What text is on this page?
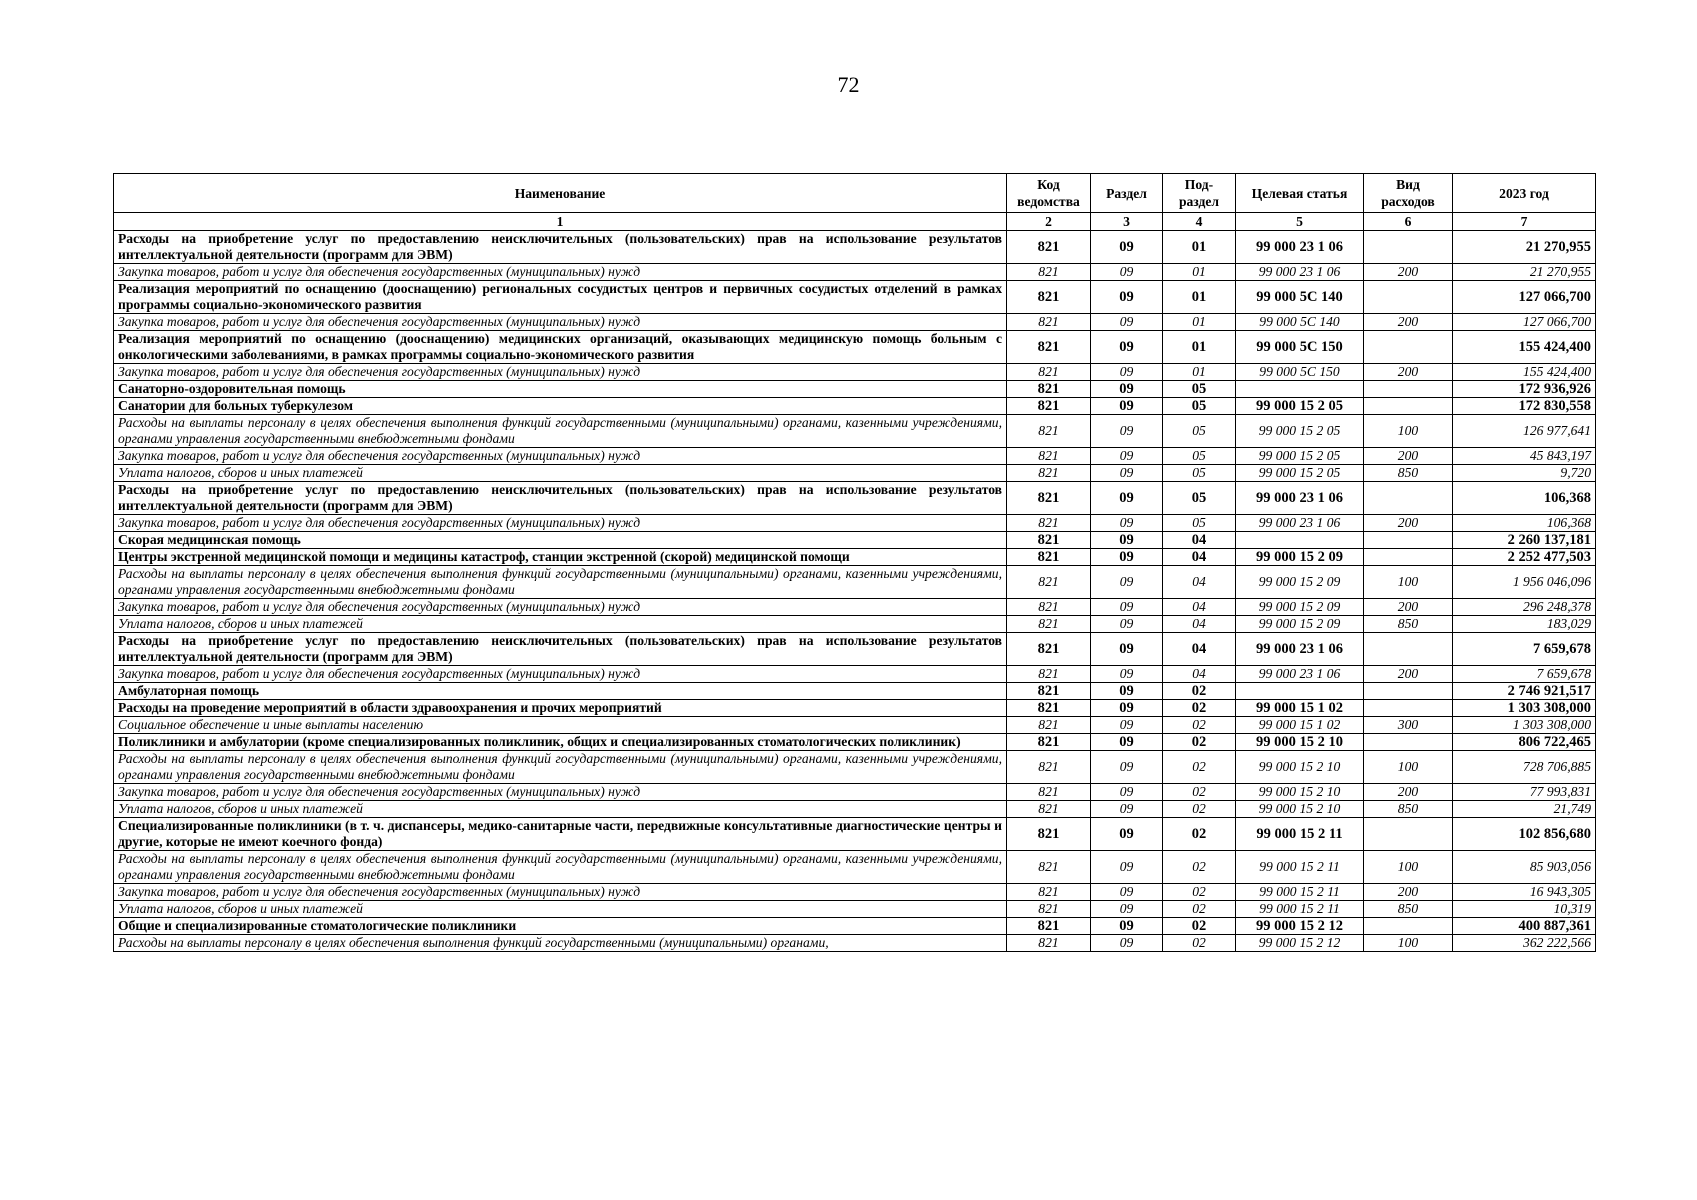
72
Наименование	Код ведомства	Раздел	Под-раздел	Целевая статья	Вид расходов	2023 год
1	2	3	4	5	6	7
Расходы на приобретение услуг по предоставлению неисключительных (пользовательских) прав на использование результатов интеллектуальной деятельности (программ для ЭВМ)	821	09	01	99 000 23 1 06		21 270,955
Закупка товаров, работ и услуг для обеспечения государственных (муниципальных) нужд	821	09	01	99 000 23 1 06	200	21 270,955
Реализация мероприятий по оснащению (дооснащению) региональных сосудистых центров и первичных сосудистых отделений в рамках программы социально-экономического развития	821	09	01	99 000 5С 140		127 066,700
Закупка товаров, работ и услуг для обеспечения государственных (муниципальных) нужд	821	09	01	99 000 5С 140	200	127 066,700
Реализация мероприятий по оснащению (дооснащению) медицинских организаций, оказывающих медицинскую помощь больным с онкологическими заболеваниями, в рамках программы социально-экономического развития	821	09	01	99 000 5С 150		155 424,400
Закупка товаров, работ и услуг для обеспечения государственных (муниципальных) нужд	821	09	01	99 000 5С 150	200	155 424,400
Санаторно-оздоровительная помощь	821	09	05			172 936,926
Санатории для больных туберкулезом	821	09	05	99 000 15 2 05		172 830,558
Расходы на выплаты персоналу в целях обеспечения выполнения функций государственными (муниципальными) органами, казенными учреждениями, органами управления государственными внебюджетными фондами	821	09	05	99 000 15 2 05	100	126 977,641
Закупка товаров, работ и услуг для обеспечения государственных (муниципальных) нужд	821	09	05	99 000 15 2 05	200	45 843,197
Уплата налогов, сборов и иных платежей	821	09	05	99 000 15 2 05	850	9,720
Расходы на приобретение услуг по предоставлению неисключительных (пользовательских) прав на использование результатов интеллектуальной деятельности (программ для ЭВМ)	821	09	05	99 000 23 1 06		106,368
Закупка товаров, работ и услуг для обеспечения государственных (муниципальных) нужд	821	09	05	99 000 23 1 06	200	106,368
Скорая медицинская помощь	821	09	04			2 260 137,181
Центры экстренной медицинской помощи и медицины катастроф, станции экстренной (скорой) медицинской помощи	821	09	04	99 000 15 2 09		2 252 477,503
Расходы на выплаты персоналу в целях обеспечения выполнения функций государственными (муниципальными) органами, казенными учреждениями, органами управления государственными внебюджетными фондами	821	09	04	99 000 15 2 09	100	1 956 046,096
Закупка товаров, работ и услуг для обеспечения государственных (муниципальных) нужд	821	09	04	99 000 15 2 09	200	296 248,378
Уплата налогов, сборов и иных платежей	821	09	04	99 000 15 2 09	850	183,029
Расходы на приобретение услуг по предоставлению неисключительных (пользовательских) прав на использование результатов интеллектуальной деятельности (программ для ЭВМ)	821	09	04	99 000 23 1 06		7 659,678
Закупка товаров, работ и услуг для обеспечения государственных (муниципальных) нужд	821	09	04	99 000 23 1 06	200	7 659,678
Амбулаторная помощь	821	09	02			2 746 921,517
Расходы на проведение мероприятий в области здравоохранения и прочих мероприятий	821	09	02	99 000 15 1 02		1 303 308,000
Социальное обеспечение и иные выплаты населению	821	09	02	99 000 15 1 02	300	1 303 308,000
Поликлиники и амбулатории (кроме специализированных поликлиник, общих и специализированных стоматологических поликлиник)	821	09	02	99 000 15 2 10		806 722,465
Расходы на выплаты персоналу в целях обеспечения выполнения функций государственными (муниципальными) органами, казенными учреждениями, органами управления государственными внебюджетными фондами	821	09	02	99 000 15 2 10	100	728 706,885
Закупка товаров, работ и услуг для обеспечения государственных (муниципальных) нужд	821	09	02	99 000 15 2 10	200	77 993,831
Уплата налогов, сборов и иных платежей	821	09	02	99 000 15 2 10	850	21,749
Специализированные поликлиники (в т. ч. диспансеры, медико-санитарные части, передвижные консультативные диагностические центры и другие, которые не имеют коечного фонда)	821	09	02	99 000 15 2 11		102 856,680
Расходы на выплаты персоналу в целях обеспечения выполнения функций государственными (муниципальными) органами, казенными учреждениями, органами управления государственными внебюджетными фондами	821	09	02	99 000 15 2 11	100	85 903,056
Закупка товаров, работ и услуг для обеспечения государственных (муниципальных) нужд	821	09	02	99 000 15 2 11	200	16 943,305
Уплата налогов, сборов и иных платежей	821	09	02	99 000 15 2 11	850	10,319
Общие и специализированные стоматологические поликлиники	821	09	02	99 000 15 2 12		400 887,361
Расходы на выплаты персоналу в целях обеспечения выполнения функций государственными (муниципальными) органами,	821	09	02	99 000 15 2 12	100	362 222,566
